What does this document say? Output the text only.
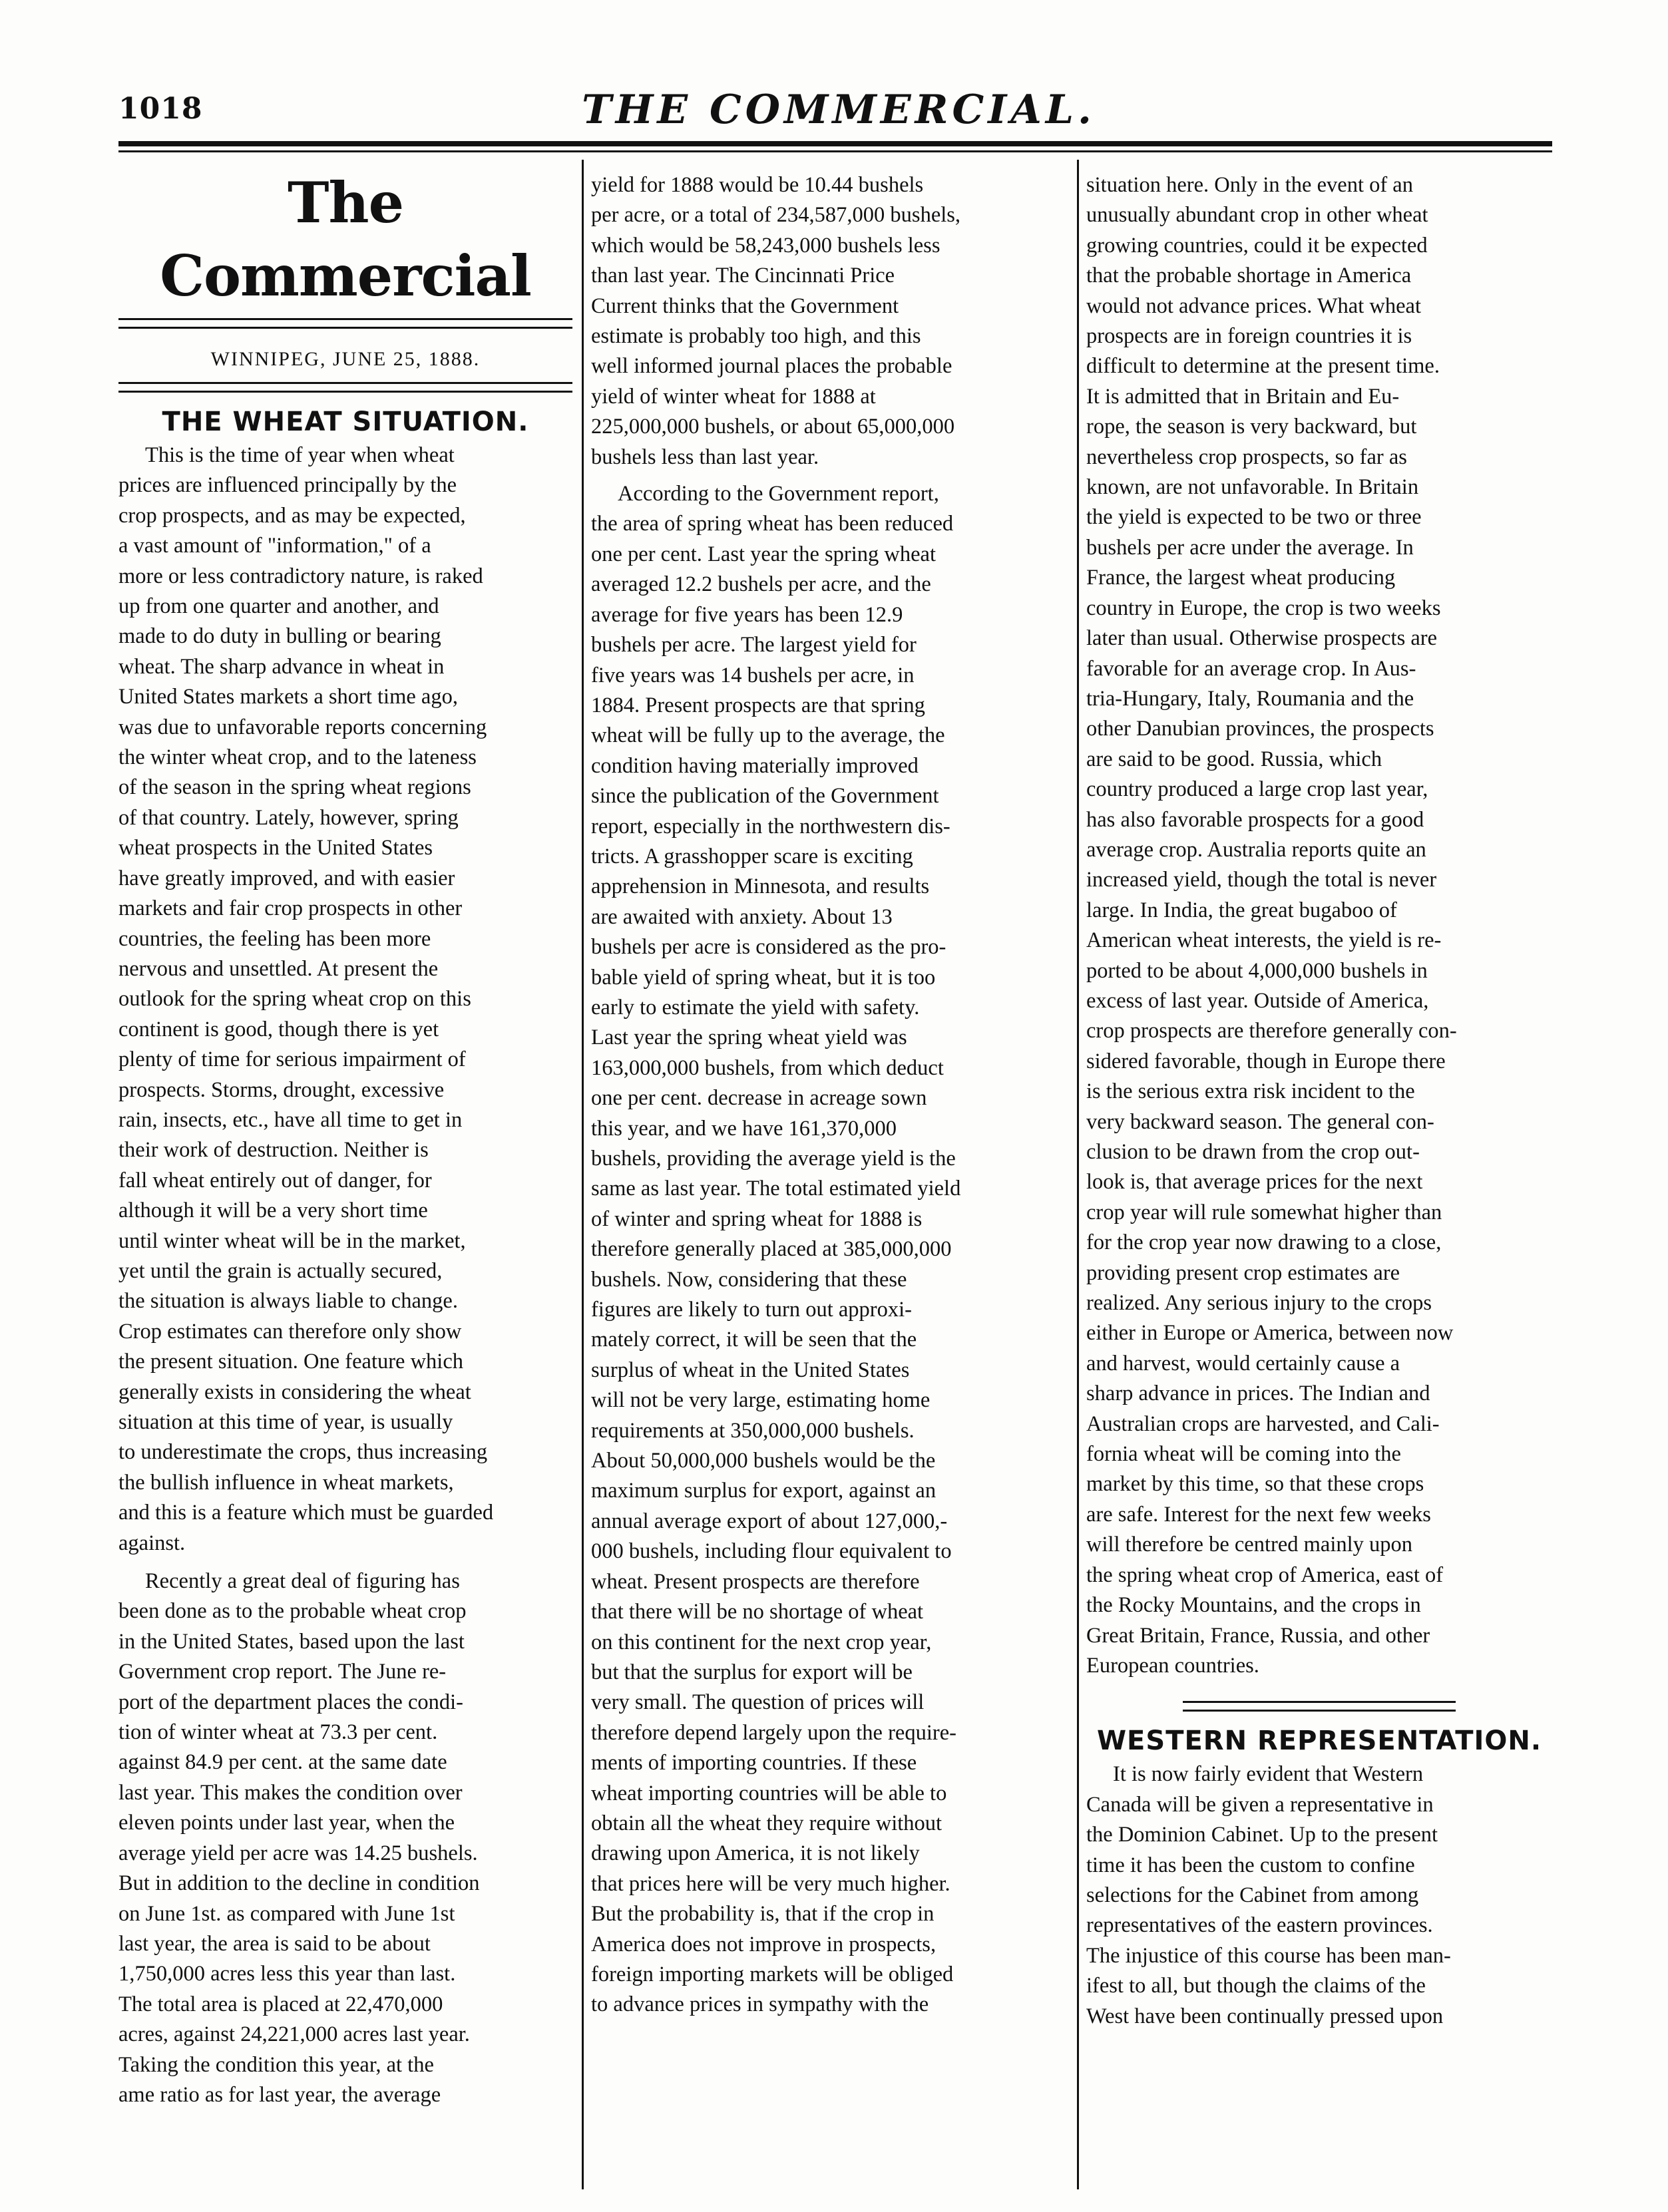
1018	THE COMMERCIAL.
The Commercial
WINNIPEG, JUNE 25, 1888.
THE WHEAT SITUATION.
This is the time of year when wheat
prices are influenced principally by the
crop prospects, and as may be expected,
a vast amount of "information," of a
more or less contradictory nature, is raked
up from one quarter and another, and
made to do duty in bulling or bearing
wheat. The sharp advance in wheat in
United States markets a short time ago,
was due to unfavorable reports concerning
the winter wheat crop, and to the lateness
of the season in the spring wheat regions
of that country. Lately, however, spring
wheat prospects in the United States
have greatly improved, and with easier
markets and fair crop prospects in other
countries, the feeling has been more
nervous and unsettled. At present the
outlook for the spring wheat crop on this
continent is good, though there is yet
plenty of time for serious impairment of
prospects. Storms, drought, excessive
rain, insects, etc., have all time to get in
their work of destruction. Neither is
fall wheat entirely out of danger, for
although it will be a very short time
until winter wheat will be in the market,
yet until the grain is actually secured,
the situation is always liable to change.
Crop estimates can therefore only show
the present situation. One feature which
generally exists in considering the wheat
situation at this time of year, is usually
to underestimate the crops, thus increasing
the bullish influence in wheat markets,
and this is a feature which must be guarded
against.
Recently a great deal of figuring has
been done as to the probable wheat crop
in the United States, based upon the last
Government crop report. The June re-
port of the department places the condi-
tion of winter wheat at 73.3 per cent.
against 84.9 per cent. at the same date
last year. This makes the condition over
eleven points under last year, when the
average yield per acre was 14.25 bushels.
But in addition to the decline in condition
on June 1st. as compared with June 1st
last year, the area is said to be about
1,750,000 acres less this year than last.
The total area is placed at 22,470,000
acres, against 24,221,000 acres last year.
Taking the condition this year, at the
ame ratio as for last year, the average
yield for 1888 would be 10.44 bushels
per acre, or a total of 234,587,000 bushels,
which would be 58,243,000 bushels less
than last year. The Cincinnati Price
Current thinks that the Government
estimate is probably too high, and this
well informed journal places the probable
yield of winter wheat for 1888 at
225,000,000 bushels, or about 65,000,000
bushels less than last year.
According to the Government report,
the area of spring wheat has been reduced
one per cent. Last year the spring wheat
averaged 12.2 bushels per acre, and the
average for five years has been 12.9
bushels per acre. The largest yield for
five years was 14 bushels per acre, in
1884. Present prospects are that spring
wheat will be fully up to the average, the
condition having materially improved
since the publication of the Government
report, especially in the northwestern dis-
tricts. A grasshopper scare is exciting
apprehension in Minnesota, and results
are awaited with anxiety. About 13
bushels per acre is considered as the pro-
bable yield of spring wheat, but it is too
early to estimate the yield with safety.
Last year the spring wheat yield was
163,000,000 bushels, from which deduct
one per cent. decrease in acreage sown
this year, and we have 161,370,000
bushels, providing the average yield is the
same as last year. The total estimated yield
of winter and spring wheat for 1888 is
therefore generally placed at 385,000,000
bushels. Now, considering that these
figures are likely to turn out approxi-
mately correct, it will be seen that the
surplus of wheat in the United States
will not be very large, estimating home
requirements at 350,000,000 bushels.
About 50,000,000 bushels would be the
maximum surplus for export, against an
annual average export of about 127,000,-
000 bushels, including flour equivalent to
wheat. Present prospects are therefore
that there will be no shortage of wheat
on this continent for the next crop year,
but that the surplus for export will be
very small. The question of prices will
therefore depend largely upon the require-
ments of importing countries. If these
wheat importing countries will be able to
obtain all the wheat they require without
drawing upon America, it is not likely
that prices here will be very much higher.
But the probability is, that if the crop in
America does not improve in prospects,
foreign importing markets will be obliged
to advance prices in sympathy with the
situation here. Only in the event of an
unusually abundant crop in other wheat
growing countries, could it be expected
that the probable shortage in America
would not advance prices. What wheat
prospects are in foreign countries it is
difficult to determine at the present time.
It is admitted that in Britain and Eu-
rope, the season is very backward, but
nevertheless crop prospects, so far as
known, are not unfavorable. In Britain
the yield is expected to be two or three
bushels per acre under the average. In
France, the largest wheat producing
country in Europe, the crop is two weeks
later than usual. Otherwise prospects are
favorable for an average crop. In Aus-
tria-Hungary, Italy, Roumania and the
other Danubian provinces, the prospects
are said to be good. Russia, which
country produced a large crop last year,
has also favorable prospects for a good
average crop. Australia reports quite an
increased yield, though the total is never
large. In India, the great bugaboo of
American wheat interests, the yield is re-
ported to be about 4,000,000 bushels in
excess of last year. Outside of America,
crop prospects are therefore generally con-
sidered favorable, though in Europe there
is the serious extra risk incident to the
very backward season. The general con-
clusion to be drawn from the crop out-
look is, that average prices for the next
crop year will rule somewhat higher than
for the crop year now drawing to a close,
providing present crop estimates are
realized. Any serious injury to the crops
either in Europe or America, between now
and harvest, would certainly cause a
sharp advance in prices. The Indian and
Australian crops are harvested, and Cali-
fornia wheat will be coming into the
market by this time, so that these crops
are safe. Interest for the next few weeks
will therefore be centred mainly upon
the spring wheat crop of America, east of
the Rocky Mountains, and the crops in
Great Britain, France, Russia, and other
European countries.
WESTERN REPRESENTATION.
It is now fairly evident that Western
Canada will be given a representative in
the Dominion Cabinet. Up to the present
time it has been the custom to confine
selections for the Cabinet from among
representatives of the eastern provinces.
The injustice of this course has been man-
ifest to all, but though the claims of the
West have been continually pressed upon
